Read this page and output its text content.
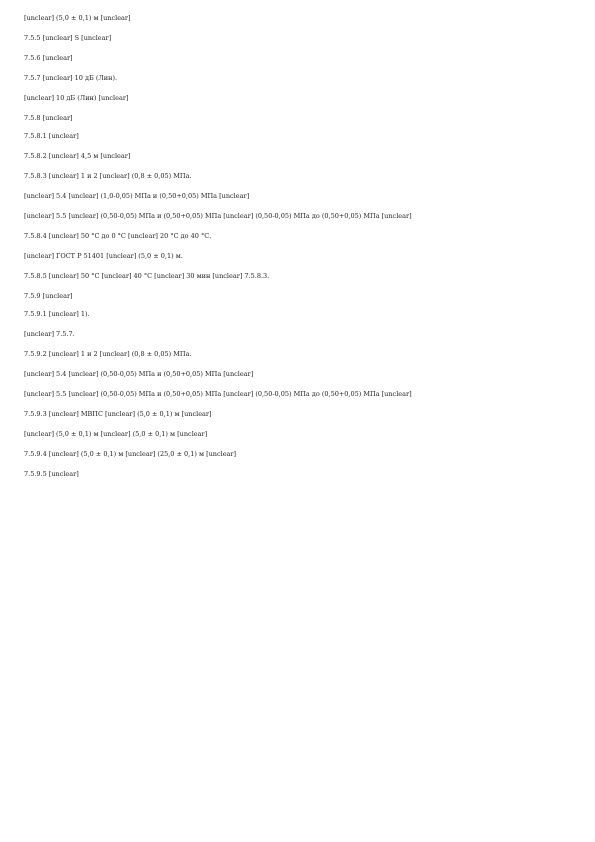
[unclear] (5,0 ± 0,1) м [unclear]

7.5.5 [unclear] S [unclear]

7.5.6 [unclear]

7.5.7 [unclear] 10 дБ (Лин).

[unclear] 10 дБ (Лин) [unclear]

7.5.8 [unclear]

7.5.8.1 [unclear]

7.5.8.2 [unclear] 4,5 м [unclear]

7.5.8.3 [unclear] 1 и 2 [unclear] (0,8 ± 0,05) МПа.

[unclear] 5.4 [unclear] (1,0-0,05) МПа и (0,50+0,05) МПа [unclear]

[unclear] 5.5 [unclear] (0,50-0,05) МПа и (0,50+0,05) МПа [unclear] (0,50-0,05) МПа до (0,50+0,05) МПа [unclear]

7.5.8.4 [unclear] 50 °С до 0 °С [unclear] 20 °С до 40 °С.

[unclear] ГОСТ Р 51401 [unclear] (5,0 ± 0,1) м.

7.5.8.5 [unclear] 50 °С [unclear] 40 °С [unclear] 30 мин [unclear] 7.5.8.3.

7.5.9 [unclear]

7.5.9.1 [unclear] 1).

[unclear] 7.5.7.

7.5.9.2 [unclear] 1 и 2 [unclear] (0,8 ± 0,05) МПа.

[unclear] 5.4 [unclear] (0,50-0,05) МПа и (0,50+0,05) МПа [unclear]

[unclear] 5.5 [unclear] (0,50-0,05) МПа и (0,50+0,05) МПа [unclear] (0,50-0,05) МПа до (0,50+0,05) МПа [unclear]

7.5.9.3 [unclear] МВПС [unclear] (5,0 ± 0,1) м [unclear]

[unclear] (5,0 ± 0,1) м [unclear] (5,0 ± 0,1) м [unclear]

7.5.9.4 [unclear] (5,0 ± 0,1) м [unclear] (25,0 ± 0,1) м [unclear]

7.5.9.5 [unclear]
